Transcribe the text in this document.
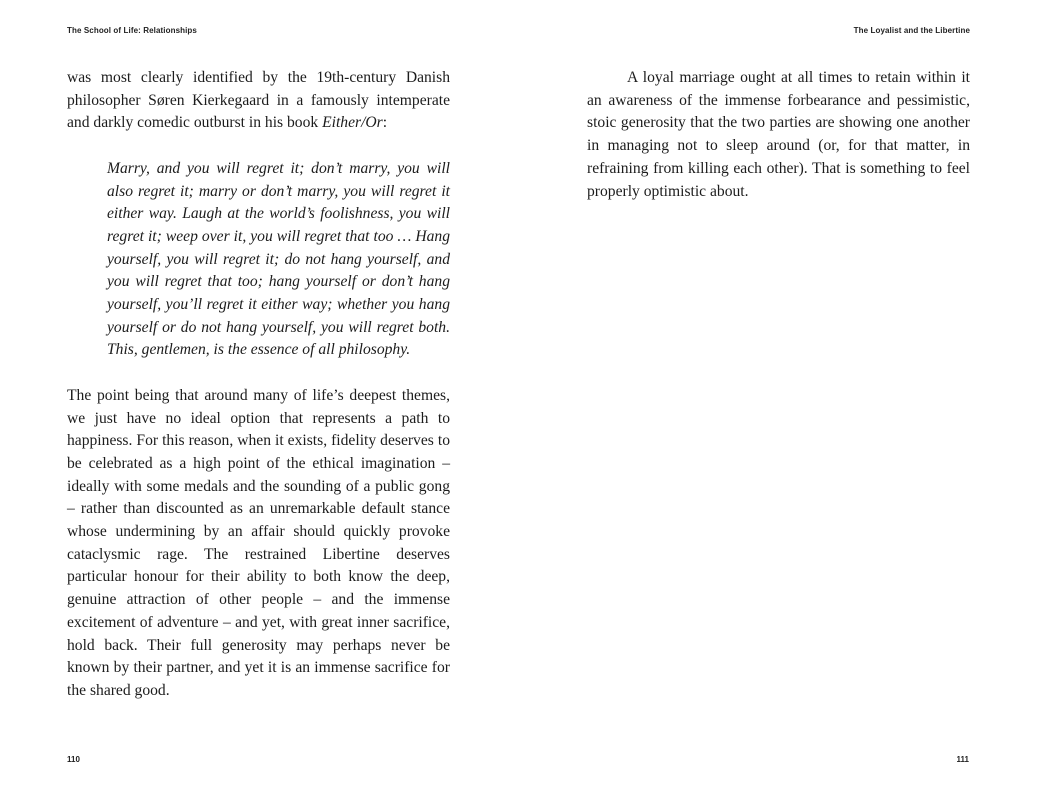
The School of Life: Relationships

was most clearly identified by the 19th-century Danish philosopher Søren Kierkegaard in a famously intemperate and darkly comedic outburst in his book Either/Or:

Marry, and you will regret it; don’t marry, you will also regret it; marry or don’t marry, you will regret it either way. Laugh at the world’s foolishness, you will regret it; weep over it, you will regret that too … Hang yourself, you will regret it; do not hang yourself, and you will regret that too; hang yourself or don’t hang yourself, you’ll regret it either way; whether you hang yourself or do not hang yourself, you will regret both. This, gentlemen, is the essence of all philosophy.

The point being that around many of life’s deepest themes, we just have no ideal option that represents a path to happiness. For this reason, when it exists, fidelity deserves to be celebrated as a high point of the ethical imagination – ideally with some medals and the sounding of a public gong – rather than discounted as an unremarkable default stance whose undermining by an affair should quickly provoke cataclysmic rage. The restrained Libertine deserves particular honour for their ability to both know the deep, genuine attraction of other people – and the immense excitement of adventure – and yet, with great inner sacrifice, hold back. Their full generosity may perhaps never be known by their partner, and yet it is an immense sacrifice for the shared good.

110
The Loyalist and the Libertine

A loyal marriage ought at all times to retain within it an awareness of the immense forbearance and pessimistic, stoic generosity that the two parties are showing one another in managing not to sleep around (or, for that matter, in refraining from killing each other). That is something to feel properly optimistic about.

111
